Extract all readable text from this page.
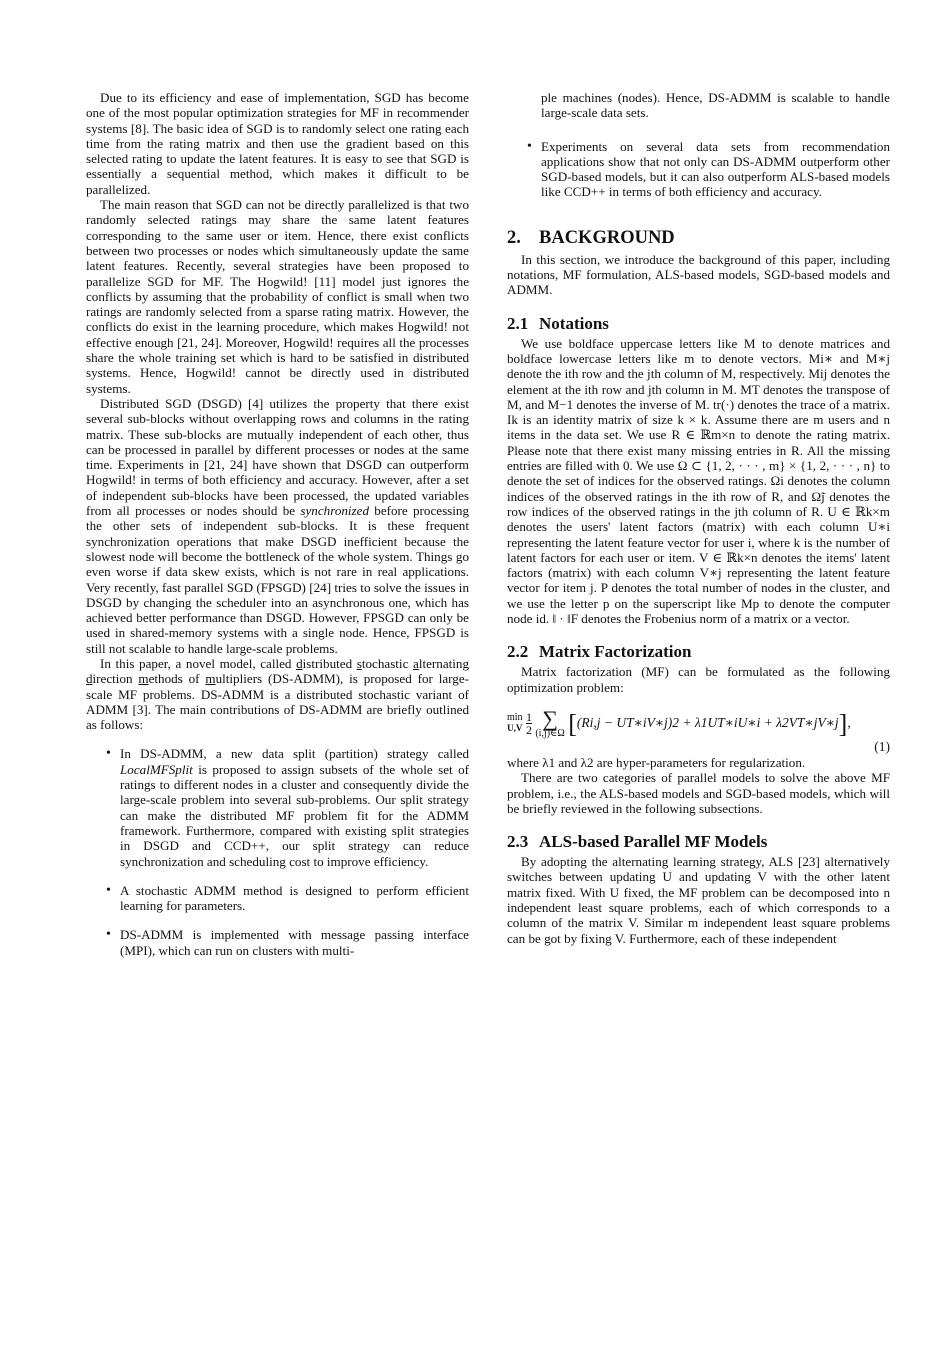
Due to its efficiency and ease of implementation, SGD has become one of the most popular optimization strategies for MF in recommender systems [8]. The basic idea of SGD is to randomly select one rating each time from the rating matrix and then use the gradient based on this selected rating to update the latent features. It is easy to see that SGD is essentially a sequential method, which makes it difficult to be parallelized.

The main reason that SGD can not be directly parallelized is that two randomly selected ratings may share the same latent features corresponding to the same user or item. Hence, there exist conflicts between two processes or nodes which simultaneously update the same latent features. Recently, several strategies have been proposed to parallelize SGD for MF. The Hogwild! [11] model just ignores the conflicts by assuming that the probability of conflict is small when two ratings are randomly selected from a sparse rating matrix. However, the conflicts do exist in the learning procedure, which makes Hogwild! not effective enough [21, 24]. Moreover, Hogwild! requires all the processes share the whole training set which is hard to be satisfied in distributed systems. Hence, Hogwild! cannot be directly used in distributed systems.

Distributed SGD (DSGD) [4] utilizes the property that there exist several sub-blocks without overlapping rows and columns in the rating matrix. These sub-blocks are mutually independent of each other, thus can be processed in parallel by different processes or nodes at the same time. Experiments in [21, 24] have shown that DSGD can outperform Hogwild! in terms of both efficiency and accuracy. However, after a set of independent sub-blocks have been processed, the updated variables from all processes or nodes should be synchronized before processing the other sets of independent sub-blocks. It is these frequent synchronization operations that make DSGD inefficient because the slowest node will become the bottleneck of the whole system. Things go even worse if data skew exists, which is not rare in real applications. Very recently, fast parallel SGD (FPSGD) [24] tries to solve the issues in DSGD by changing the scheduler into an asynchronous one, which has achieved better performance than DSGD. However, FPSGD can only be used in shared-memory systems with a single node. Hence, FPSGD is still not scalable to handle large-scale problems.

In this paper, a novel model, called distributed stochastic alternating direction methods of multipliers (DS-ADMM), is proposed for large-scale MF problems. DS-ADMM is a distributed stochastic variant of ADMM [3]. The main contributions of DS-ADMM are briefly outlined as follows:

• In DS-ADMM, a new data split (partition) strategy called LocalMFSplit is proposed to assign subsets of the whole set of ratings to different nodes in a cluster and consequently divide the large-scale problem into several sub-problems. Our split strategy can make the distributed MF problem fit for the ADMM framework. Furthermore, compared with existing split strategies in DSGD and CCD++, our split strategy can reduce synchronization and scheduling cost to improve efficiency.
• A stochastic ADMM method is designed to perform efficient learning for parameters.
• DS-ADMM is implemented with message passing interface (MPI), which can run on clusters with multi-

ple machines (nodes). Hence, DS-ADMM is scalable to handle large-scale data sets.

• Experiments on several data sets from recommendation applications show that not only can DS-ADMM outperform other SGD-based models, but it can also outperform ALS-based models like CCD++ in terms of both efficiency and accuracy.
2. BACKGROUND

In this section, we introduce the background of this paper, including notations, MF formulation, ALS-based models, SGD-based models and ADMM.

2.1 Notations

We use boldface uppercase letters like M to denote matrices and boldface lowercase letters like m to denote vectors. Mi∗ and M∗j denote the ith row and the jth column of M, respectively. Mij denotes the element at the ith row and jth column in M. MT denotes the transpose of M, and M−1 denotes the inverse of M. tr(·) denotes the trace of a matrix. Ik is an identity matrix of size k × k. Assume there are m users and n items in the data set. We use R ∈ ℝm×n to denote the rating matrix. Please note that there exist many missing entries in R. All the missing entries are filled with 0. We use Ω ⊂ {1, 2, · · · , m} × {1, 2, · · · , n} to denote the set of indices for the observed ratings. Ωi denotes the column indices of the observed ratings in the ith row of R, and Ω̃j denotes the row indices of the observed ratings in the jth column of R. U ∈ ℝk×m denotes the users' latent factors (matrix) with each column U∗i representing the latent feature vector for user i, where k is the number of latent factors for each user or item. V ∈ ℝk×n denotes the items' latent factors (matrix) with each column V∗j representing the latent feature vector for item j. P denotes the total number of nodes in the cluster, and we use the letter p on the superscript like Mp to denote the computer node id. ‖ · ‖F denotes the Frobenius norm of a matrix or a vector.

2.2 Matrix Factorization

Matrix factorization (MF) can be formulated as the following optimization problem:

min
$U,V \frac{1}{2}$ ∑
(i,j)∈Ω [(Ri,j − UT∗iV∗j)2 + λ1UT∗iU∗i + λ2VT∗jV∗j],
(1)

where λ1 and λ2 are hyper-parameters for regularization.

There are two categories of parallel models to solve the above MF problem, i.e., the ALS-based models and SGD-based models, which will be briefly reviewed in the following subsections.

2.3 ALS-based Parallel MF Models

By adopting the alternating learning strategy, ALS [23] alternatively switches between updating U and updating V with the other latent matrix fixed. With U fixed, the MF problem can be decomposed into n independent least square problems, each of which corresponds to a column of the matrix V. Similar m independent least square problems can be got by fixing V. Furthermore, each of these independent
